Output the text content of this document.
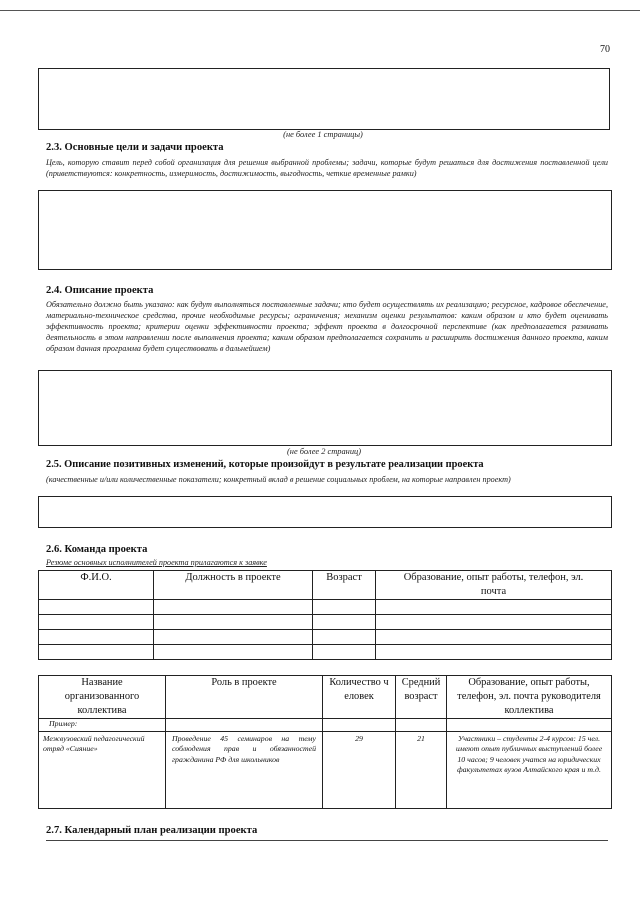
70
(не более 1 страницы)
2.3. Основные цели и задачи проекта
Цель, которую ставит перед собой организация для решения выбранной проблемы; задачи, которые будут решаться для достижения поставленной цели (приветствуются: конкретность, измеримость, достижимость, выгодность, четкие временные рамки)
2.4. Описание проекта
Обязательно должно быть указано: как будут выполняться поставленные задачи; кто будет осуществлять их реализацию; ресурсное, кадровое обеспечение, материально-техническое средства, прочие необходимые ресурсы; ограничения; механизм оценки результатов: каким образом и кто будет оценивать эффективность проекта; критерии оценки эффективности проекта; эффект проекта в долгосрочной перспективе (как предполагается развивать деятельность в этом направлении после выполнения проекта; каким образом предполагается сохранить и расширить достижения данного проекта, каким образом данная программа будет существовать в дальнейшем)
(не более 2 страниц)
2.5. Описание позитивных изменений, которые произойдут в результате реализации проекта
(качественные и/или количественные показатели; конкретный вклад в решение социальных проблем, на которые направлен проект)
2.6. Команда проекта
Резюме основных исполнителей проекта прилагаются к заявке
Ф.И.О.	Должность в проекте	Возраст	Образование, опыт работы, телефон, эл. почта

Название организованного коллектива	Роль в проекте	Количество человек	Средний возраст	Образование, опыт работы, телефон, эл. почта руководителя коллектива
Пример:				
Межвузовский педагогический отряд «Сияние»	Проведение 45 семинаров на тему соблюдения прав и обязанностей гражданина РФ для школьников	29	21	Участники – студенты 2-4 курсов: 15 чел. имеют опыт публичных выступлений более 10 часов; 9 человек учатся на юридических факультетах вузов Алтайского края и т.д.
2.7. Календарный план реализации проекта
